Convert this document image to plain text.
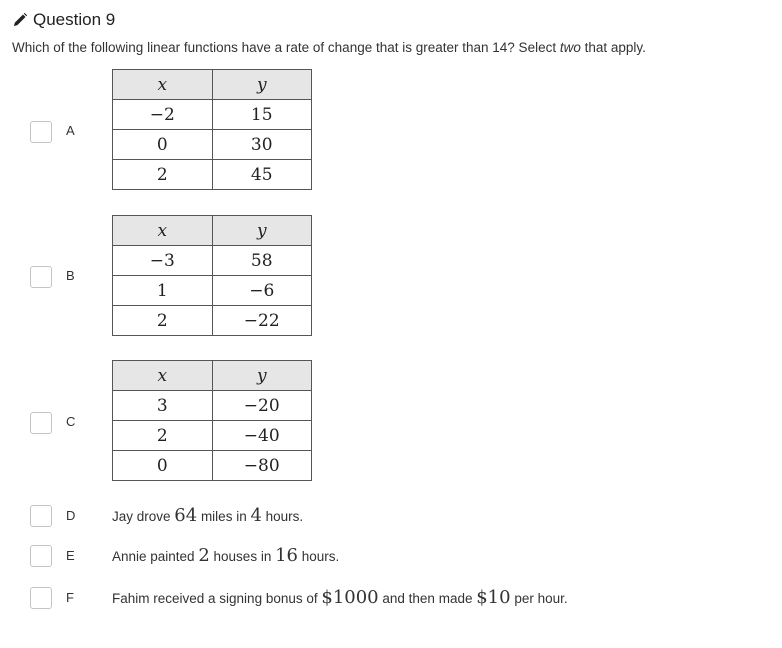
Question 9
Which of the following linear functions have a rate of change that is greater than 14? Select two that apply.
A
x	y
−2	15
0	30
2	45
B
x	y
−3	58
1	−6
2	−22
C
x	y
3	−20
2	−40
0	−80
D	Jay drove 64 miles in 4 hours.
E	Annie painted 2 houses in 16 hours.
F	Fahim received a signing bonus of $1000 and then made $10 per hour.
